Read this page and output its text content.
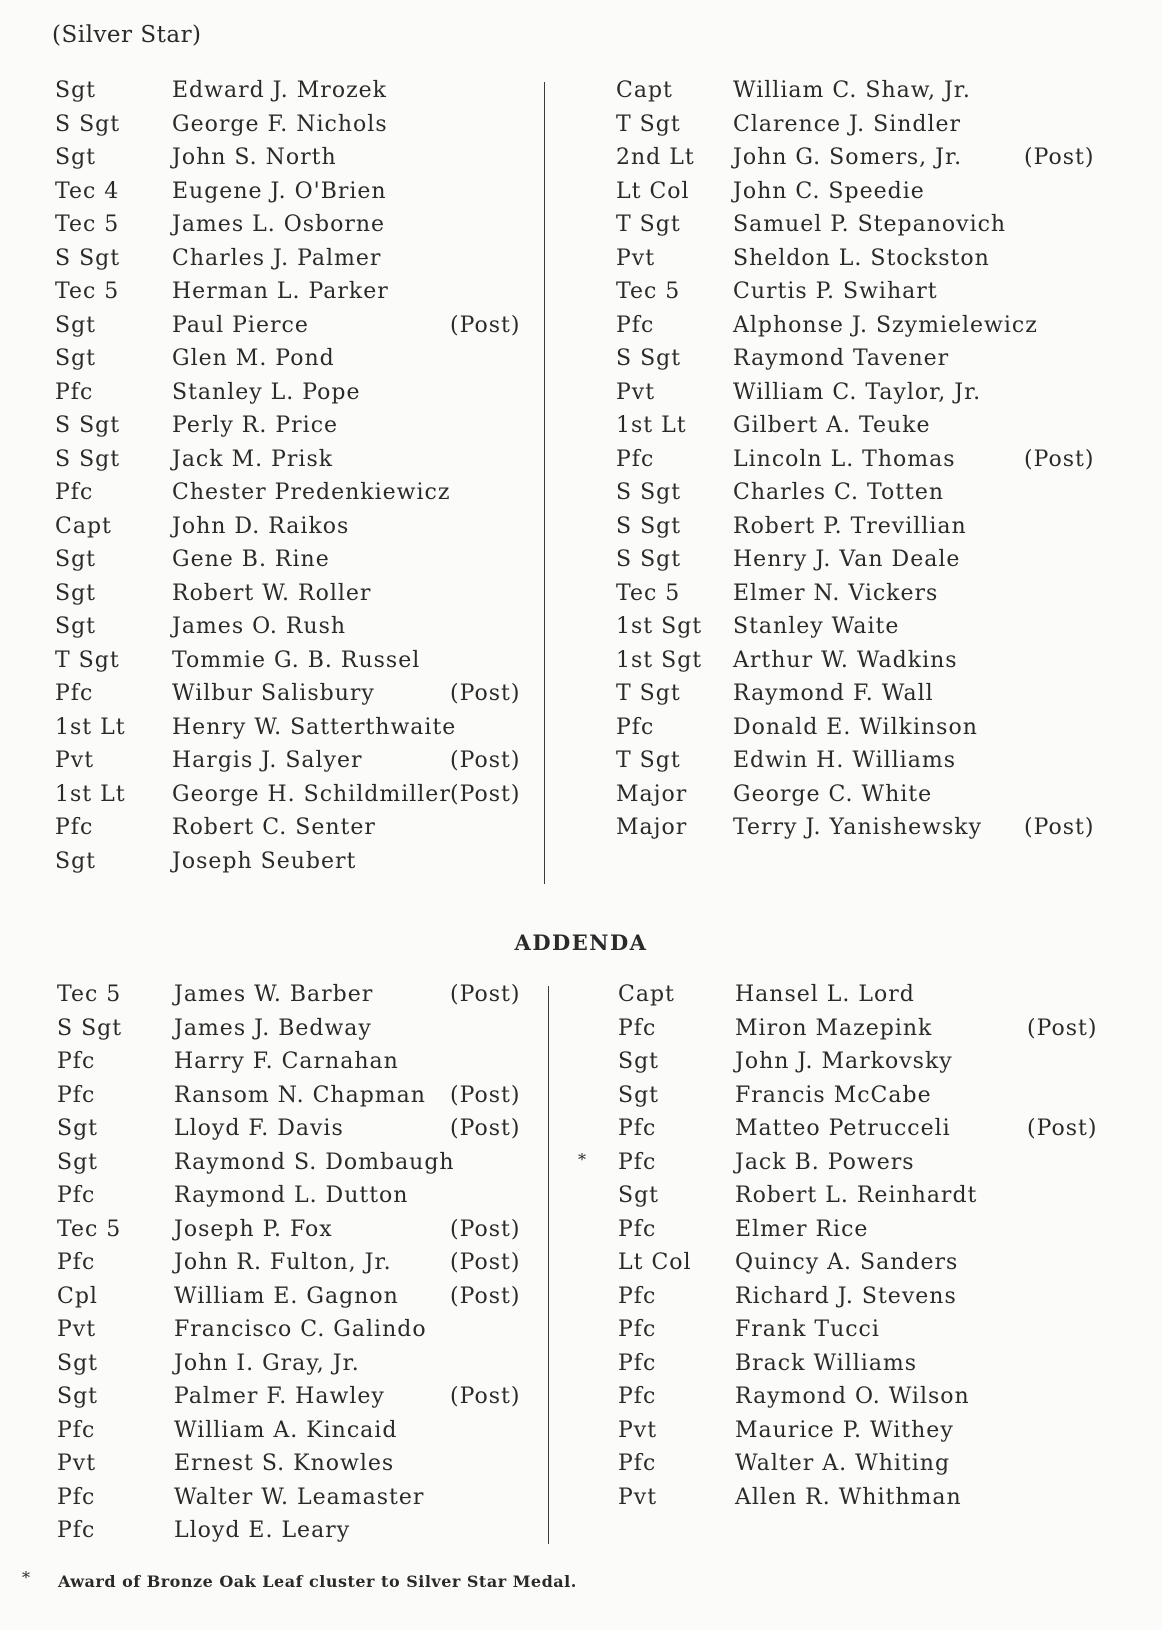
(Silver Star)
Sgt	Edward J. Mrozek
S Sgt George F. Nichols
Sgt	John S. North
Tec 4 Eugene J. O'Brien
Tec 5 James L. Osborne
S Sgt Charles J. Palmer
Tec 5 Herman L. Parker
Sgt	Paul Pierce	(Post)
Sgt	Glen M. Pond
Pfc	Stanley L. Pope
S Sgt Perly R. Price
S Sgt Jack M. Prisk
Pfc	Chester Predenkiewicz
Capt	John D. Raikos
Sgt	Gene B. Rine
Sgt	Robert W. Roller
Sgt	James O. Rush
T Sgt Tommie G. B. Russel
Pfc	Wilbur Salisbury	(Post)
1st Lt Henry W. Satterthwaite
Pvt	Hargis J. Salyer	(Post)
1st Lt George H. Schildmiller (Post)
Pfc	Robert C. Senter
Sgt	Joseph Seubert
Capt	William C. Shaw, Jr.
T Sgt Clarence J. Sindler
2nd Lt John G. Somers, Jr.	(Post)
Lt Col John C. Speedie
T Sgt Samuel P. Stepanovich
Pvt	Sheldon L. Stockston
Tec 5 Curtis P. Swihart
Pfc	Alphonse J. Szymielewicz
S Sgt Raymond Tavener
Pvt	William C. Taylor, Jr.
1st Lt Gilbert A. Teuke
Pfc	Lincoln L. Thomas	(Post)
S Sgt Charles C. Totten
S Sgt Robert P. Trevillian
S Sgt Henry J. Van Deale
Tec 5 Elmer N. Vickers
1st Sgt Stanley Waite
1st Sgt Arthur W. Wadkins
T Sgt Raymond F. Wall
Pfc	Donald E. Wilkinson
T Sgt Edwin H. Williams
Major George C. White
Major Terry J. Yanishewsky (Post)
ADDENDA
Tec 5 James W. Barber	(Post)
S Sgt James J. Bedway
Pfc	Harry F. Carnahan
Pfc	Ransom N. Chapman (Post)
Sgt	Lloyd F. Davis	(Post)
Sgt	Raymond S. Dombaugh
Pfc	Raymond L. Dutton
Tec 5 Joseph P. Fox	(Post)
Pfc	John R. Fulton, Jr.	(Post)
Cpl	William E. Gagnon (Post)
Pvt	Francisco C. Galindo
Sgt	John I. Gray, Jr.
Sgt	Palmer F. Hawley	(Post)
Pfc	William A. Kincaid
Pvt	Ernest S. Knowles
Pfc	Walter W. Leamaster
Pfc	Lloyd E. Leary
Capt	Hansel L. Lord
Pfc	Miron Mazepink	(Post)
Sgt	John J. Markovsky
Sgt	Francis McCabe
Pfc	Matteo Petrucceli	(Post)
* Pfc	Jack B. Powers
Sgt	Robert L. Reinhardt
Pfc	Elmer Rice
Lt Col Quincy A. Sanders
Pfc	Richard J. Stevens
Pfc	Frank Tucci
Pfc	Brack Williams
Pfc	Raymond O. Wilson
Pvt	Maurice P. Withey
Pfc	Walter A. Whiting
Pvt	Allen R. Whithman
* Award of Bronze Oak Leaf cluster to Silver Star Medal.
